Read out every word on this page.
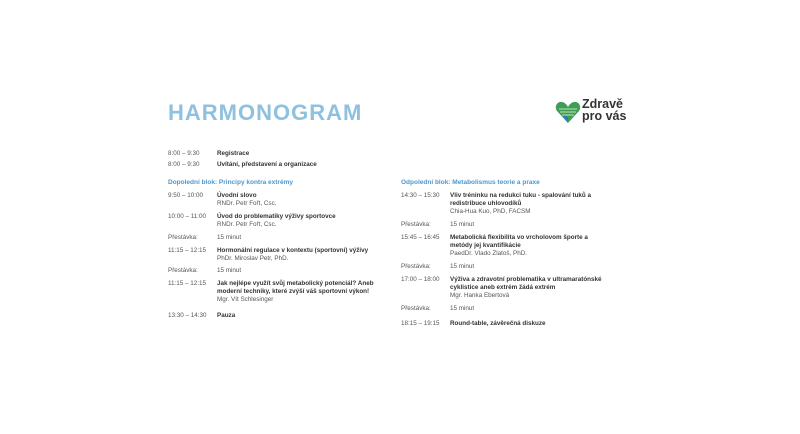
HARMONOGRAM	Zdravě
pro vás
8:00 – 9:30	Registrace
8:00 – 9:30	Uvítání, představení a organizace
Dopolední blok: Principy kontra extrémy
9:50 – 10:00 Úvodní slovo
RNDr. Petr Fořt, Csc.
10:00 – 11:00 Úvod do problematiky výživy sportovce
RNDr. Petr Fořt, Csc.
Přestávka:	15 minut
11:15 – 12:15 Hormonální regulace v kontextu (sportovní) výživy
PhDr. Miroslav Petr, PhD.
Přestávka:	15 minut
11:15 – 12:15 Jak nejlépe využít svůj metabolický potenciál? Aneb moderní techniky, které zvýší váš sportovní výkon!
Mgr. Vít Schlesinger
13:30 – 14:30 Pauza
Odpolední blok: Metabolismus teorie a praxe
14:30 – 15:30 Vliv tréninku na redukci tuku - spalování tuků a redistribuce uhlovodíků
Chia-Hua Kuo, PhD, FACSM
Přestávka:	15 minut
15:45 – 16:45 Metabolická flexibilita vo vrcholovom športe a metódy jej kvantifikácie
PaedDr. Vlado Zlatoš, PhD.
Přestávka:	15 minut
17:00 – 18:00 Výživa a zdravotní problematika v ultramaratónské cyklistice aneb extrém žádá extrém
Mgr. Hanka Ebertová
Přestávka:	15 minut
18:15 – 19:15 Round-table, závěrečná diskuze
